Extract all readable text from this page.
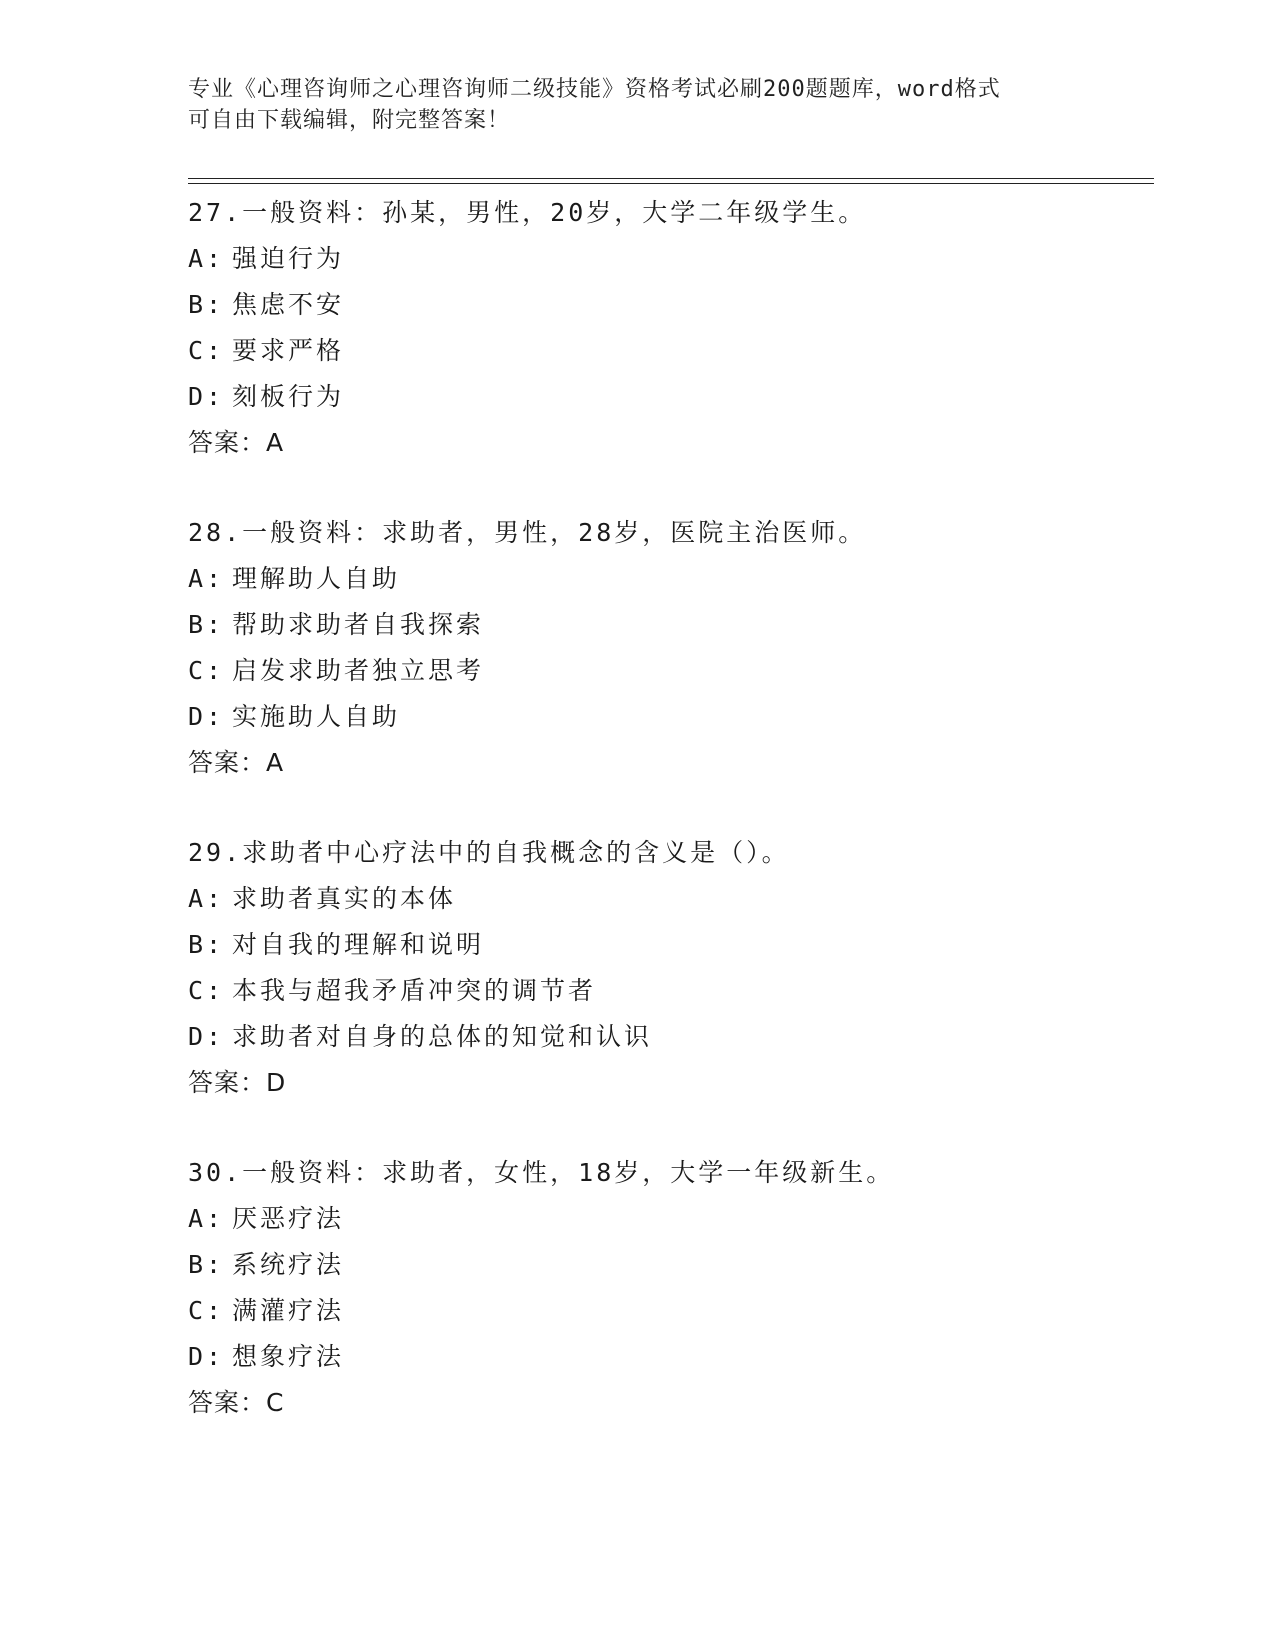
专业《心理咨询师之心理咨询师二级技能》资格考试必刷200题题库，word格式
可自由下载编辑，附完整答案！
27.一般资料：孙某，男性，20岁，大学二年级学生。
A: 强迫行为
B: 焦虑不安
C: 要求严格
D: 刻板行为
答案：A
28.一般资料：求助者，男性，28岁，医院主治医师。
A: 理解助人自助
B: 帮助求助者自我探索
C: 启发求助者独立思考
D: 实施助人自助
答案：A
29.求助者中心疗法中的自我概念的含义是（）。
A: 求助者真实的本体
B: 对自我的理解和说明
C: 本我与超我矛盾冲突的调节者
D: 求助者对自身的总体的知觉和认识
答案：D
30.一般资料：求助者，女性，18岁，大学一年级新生。
A: 厌恶疗法
B: 系统疗法
C: 满灌疗法
D: 想象疗法
答案：C
